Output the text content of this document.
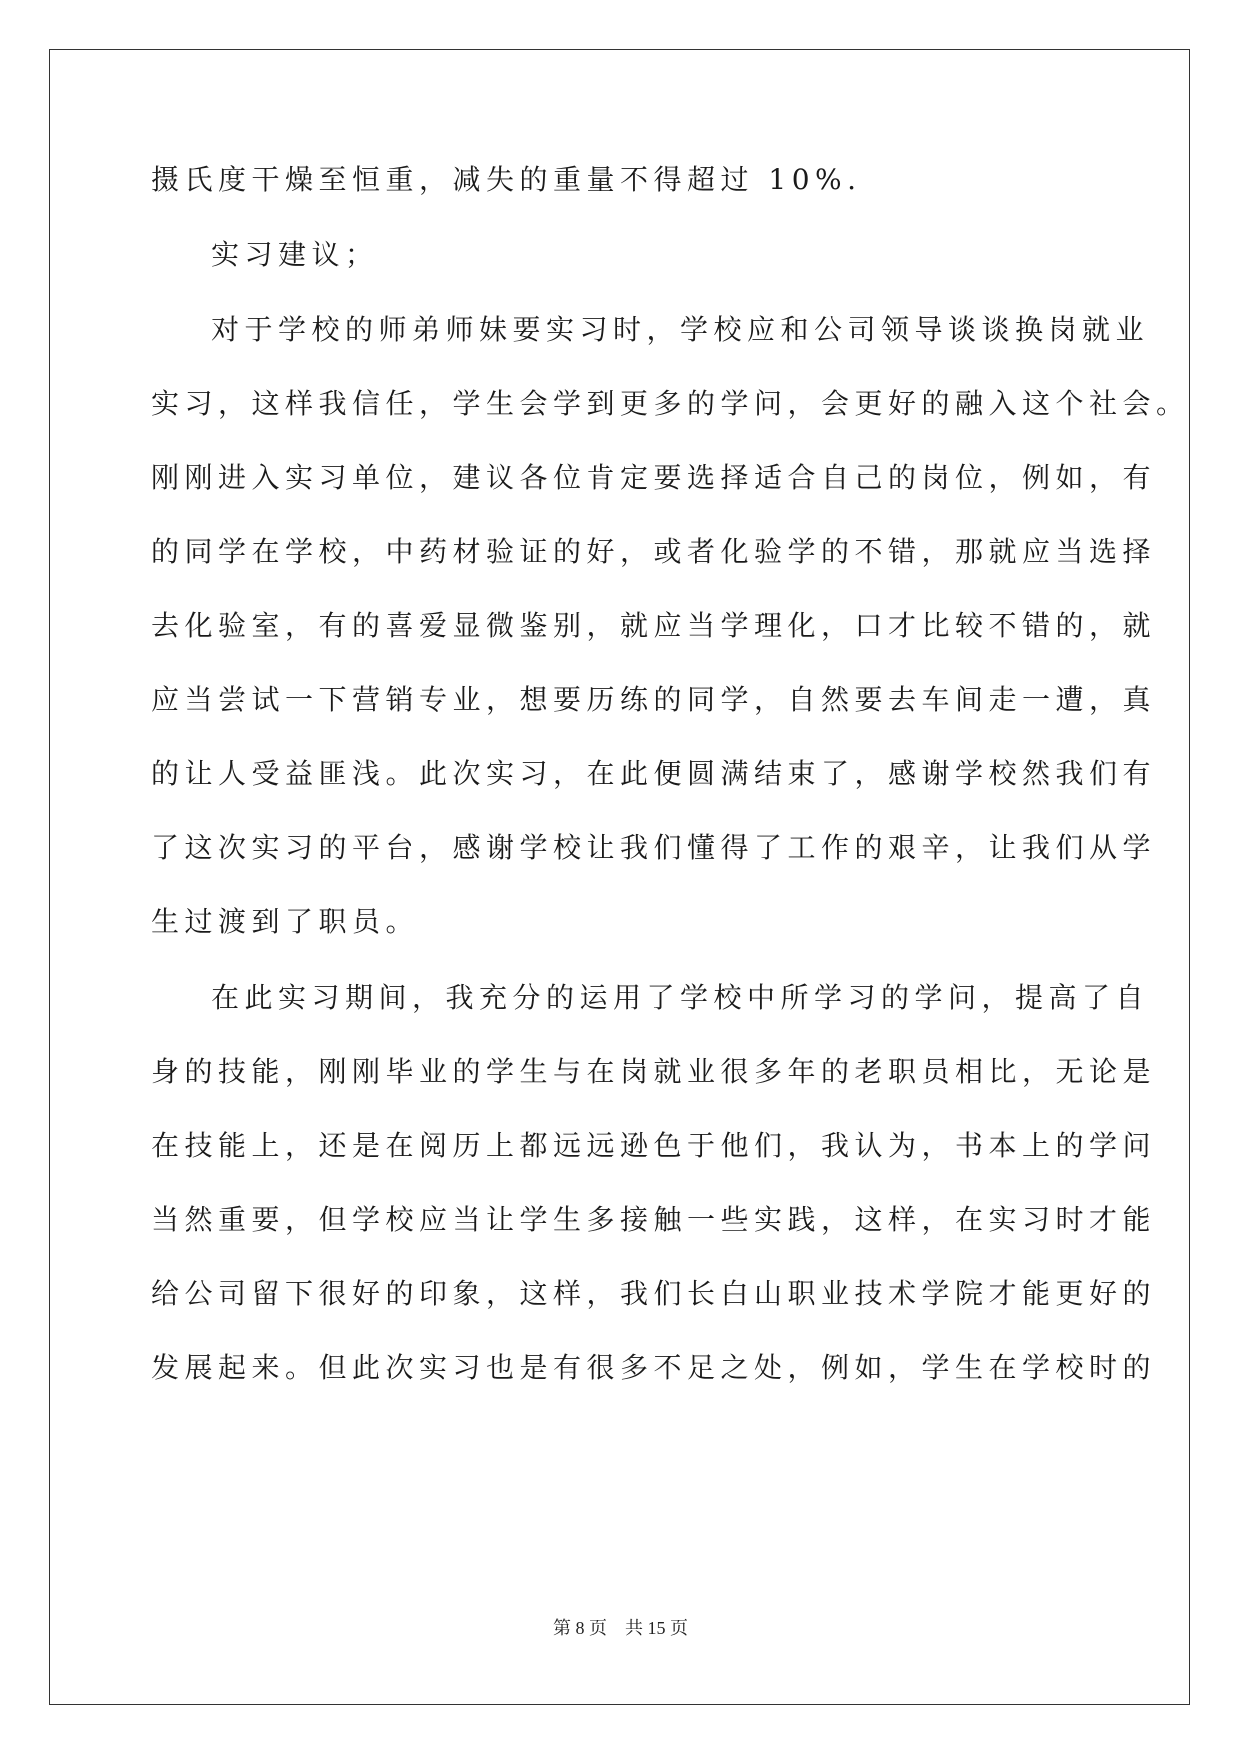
摄氏度干燥至恒重，减失的重量不得超过 10%.
实习建议；
对于学校的师弟师妹要实习时，学校应和公司领导谈谈换岗就业
实习，这样我信任，学生会学到更多的学问，会更好的融入这个社会。
刚刚进入实习单位，建议各位肯定要选择适合自己的岗位，例如，有
的同学在学校，中药材验证的好，或者化验学的不错，那就应当选择
去化验室，有的喜爱显微鉴别，就应当学理化，口才比较不错的，就
应当尝试一下营销专业，想要历练的同学，自然要去车间走一遭，真
的让人受益匪浅。此次实习，在此便圆满结束了，感谢学校然我们有
了这次实习的平台，感谢学校让我们懂得了工作的艰辛，让我们从学
生过渡到了职员。
在此实习期间，我充分的运用了学校中所学习的学问，提高了自
身的技能，刚刚毕业的学生与在岗就业很多年的老职员相比，无论是
在技能上，还是在阅历上都远远逊色于他们，我认为，书本上的学问
当然重要，但学校应当让学生多接触一些实践，这样，在实习时才能
给公司留下很好的印象，这样，我们长白山职业技术学院才能更好的
发展起来。但此次实习也是有很多不足之处，例如，学生在学校时的
第 8 页 共 15 页
